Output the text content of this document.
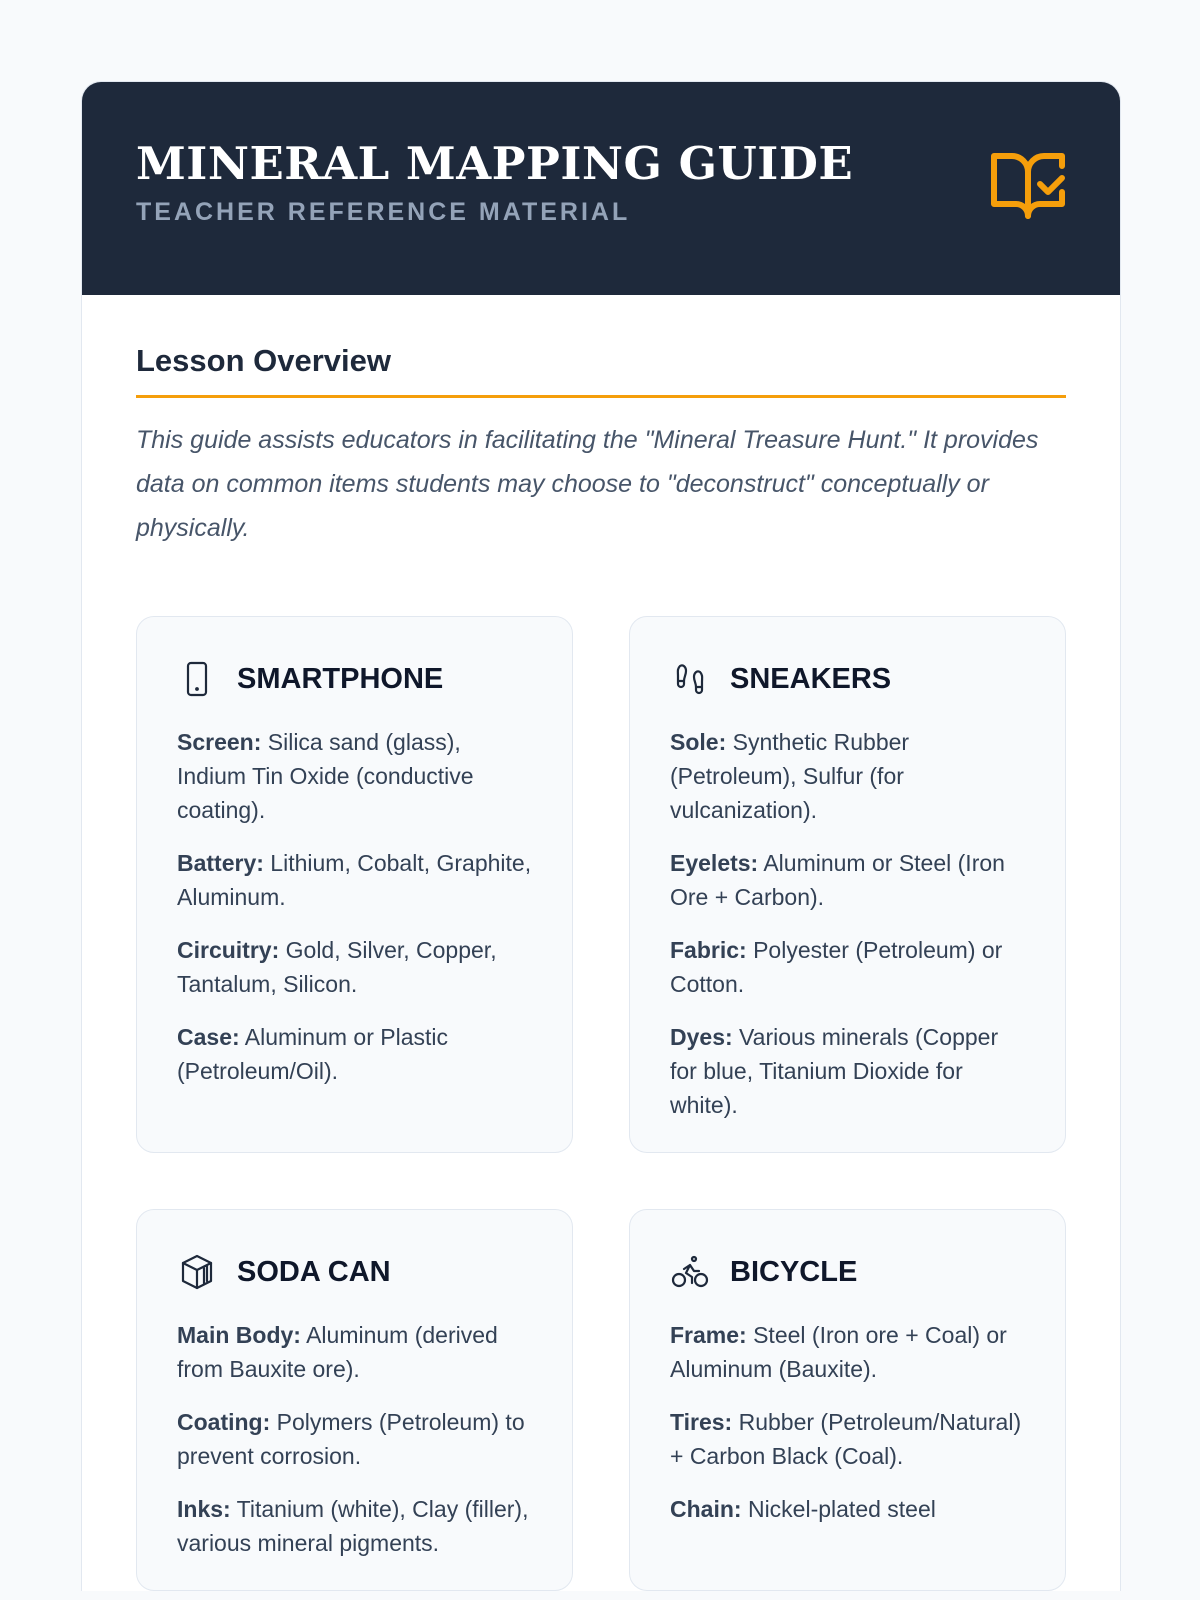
MINERAL MAPPING GUIDE
TEACHER REFERENCE MATERIAL
Lesson Overview

This guide assists educators in facilitating the "Mineral Treasure Hunt." It provides data on common items students may choose to "deconstruct" conceptually or physically.

SMARTPHONE

Screen: Silica sand (glass), Indium Tin Oxide (conductive coating).

Battery: Lithium, Cobalt, Graphite, Aluminum.

Circuitry: Gold, Silver, Copper, Tantalum, Silicon.

Case: Aluminum or Plastic (Petroleum/Oil).

SNEAKERS

Sole: Synthetic Rubber (Petroleum), Sulfur (for vulcanization).

Eyelets: Aluminum or Steel (Iron Ore + Carbon).

Fabric: Polyester (Petroleum) or Cotton.

Dyes: Various minerals (Copper for blue, Titanium Dioxide for white).

SODA CAN

Main Body: Aluminum (derived from Bauxite ore).

Coating: Polymers (Petroleum) to prevent corrosion.

Inks: Titanium (white), Clay (filler), various mineral pigments.

BICYCLE

Frame: Steel (Iron ore + Coal) or Aluminum (Bauxite).

Tires: Rubber (Petroleum/Natural) + Carbon Black (Coal).

Chain: Nickel-plated steel
